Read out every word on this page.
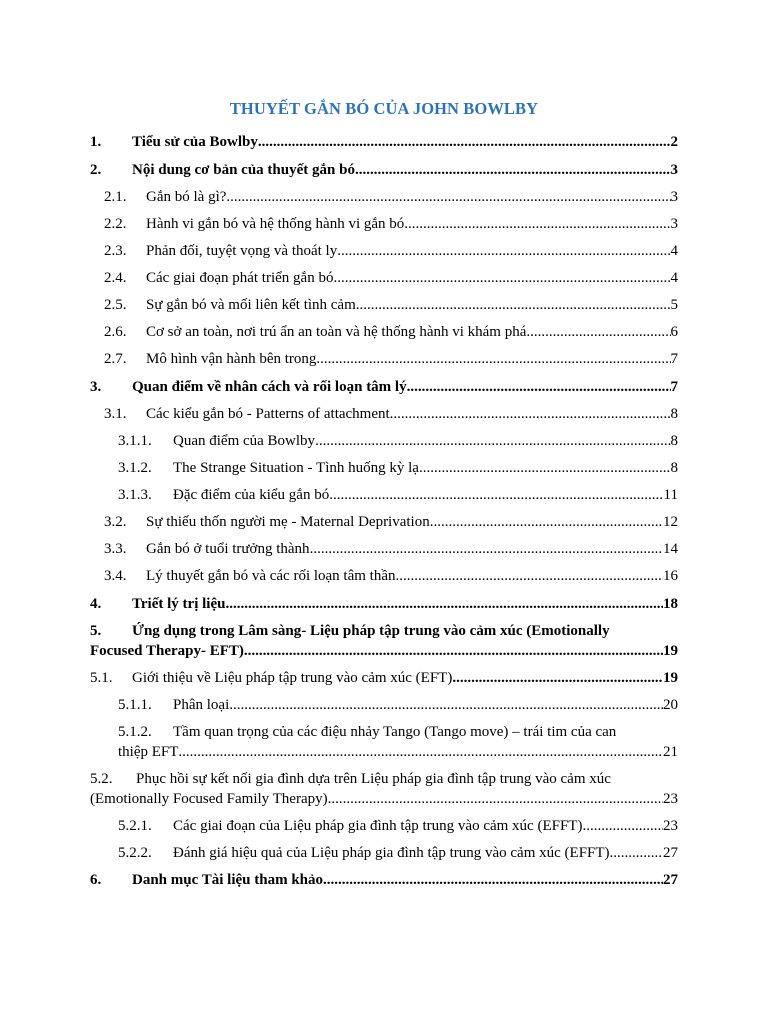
THUYẾT GẮN BÓ CỦA JOHN BOWLBY
1.	Tiểu sử của Bowlby .....	2
2.	Nội dung cơ bản của thuyết gắn bó .....	3
2.1.	Gắn bó là gì? .....	3
2.2.	Hành vi gắn bó và hệ thống hành vi gắn bó .....	3
2.3.	Phản đối, tuyệt vọng và thoát ly .....	4
2.4.	Các giai đoạn phát triển gắn bó .....	4
2.5.	Sự gắn bó và mối liên kết tình cảm .....	5
2.6.	Cơ sở an toàn, nơi trú ẩn an toàn và hệ thống hành vi khám phá .....	6
2.7.	Mô hình vận hành bên trong .....	7
3.	Quan điểm về nhân cách và rối loạn tâm lý .....	7
3.1.	Các kiểu gắn bó - Patterns of attachment .....	8
3.1.1.	Quan điểm của Bowlby .....	8
3.1.2.	The Strange Situation - Tình huống kỳ lạ .....	8
3.1.3.	Đặc điểm của kiểu gắn bó .....	11
3.2.	Sự thiếu thốn người mẹ - Maternal Deprivation .....	12
3.3.	Gắn bó ở tuổi trưởng thành .....	14
3.4.	Lý thuyết gắn bó và các rối loạn tâm thần .....	16
4.	Triết lý trị liệu .....	18
5. Ứng dụng trong Lâm sàng- Liệu pháp tập trung vào cảm xúc (Emotionally
Focused Therapy- EFT) .....	19
5.1.	Giới thiệu về Liệu pháp tập trung vào cảm xúc (EFT) .....	19
5.1.1.	Phân loại .....	20
5.1.2. Tầm quan trọng của các điệu nhảy Tango (Tango move) – trái tim của can
thiệp EFT .....	21
5.2. Phục hồi sự kết nối gia đình dựa trên Liệu pháp gia đình tập trung vào cảm xúc
(Emotionally Focused Family Therapy) .....	23
5.2.1.	Các giai đoạn của Liệu pháp gia đình tập trung vào cảm xúc (EFFT) .....	23
5.2.2.	Đánh giá hiệu quả của Liệu pháp gia đình tập trung vào cảm xúc (EFFT) .....	27
6.	Danh mục Tài liệu tham khảo .....	27
